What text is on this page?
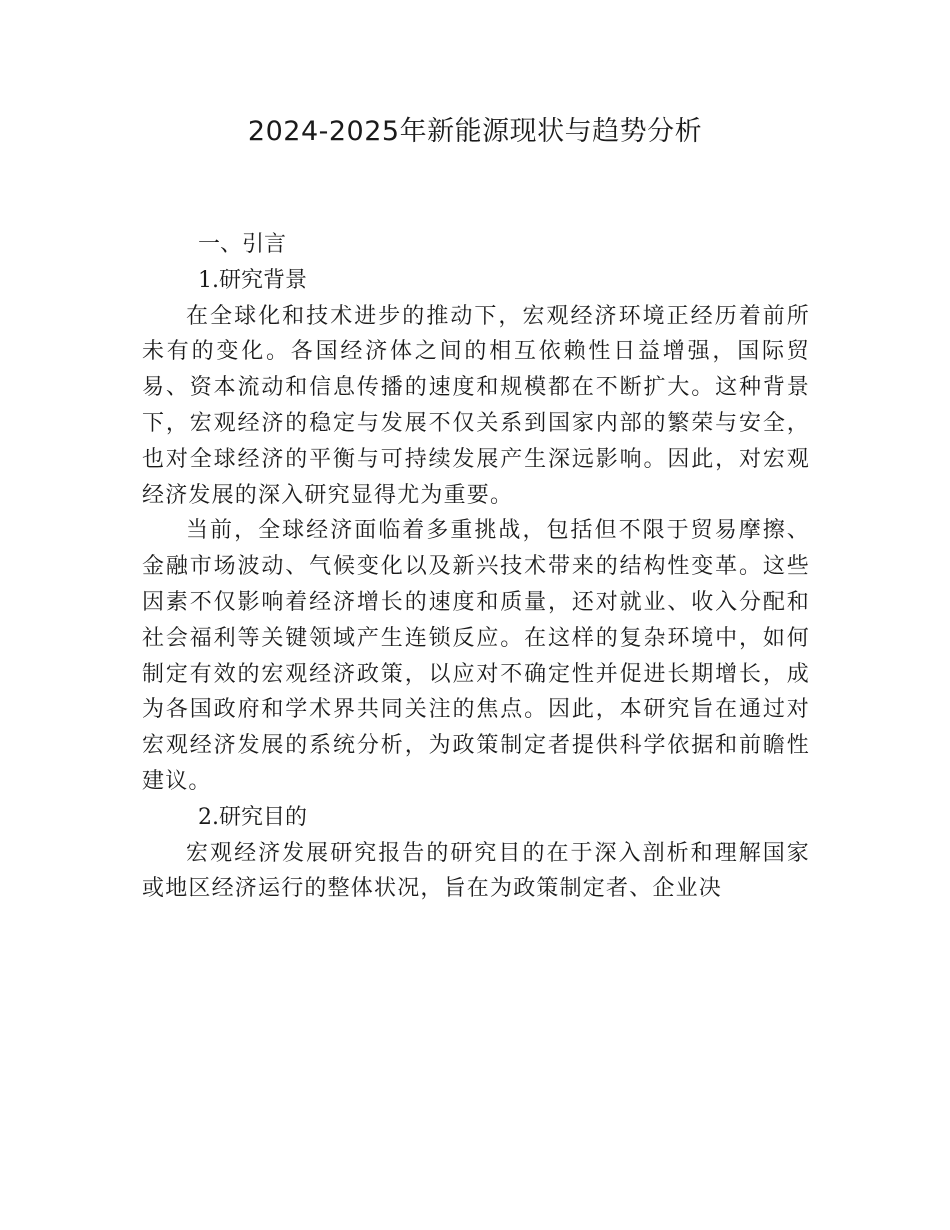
2024-2025年新能源现状与趋势分析

一、引言

1.研究背景

在全球化和技术进步的推动下，宏观经济环境正经历着前所未有的变化。各国经济体之间的相互依赖性日益增强，国际贸易、资本流动和信息传播的速度和规模都在不断扩大。这种背景下，宏观经济的稳定与发展不仅关系到国家内部的繁荣与安全，也对全球经济的平衡与可持续发展产生深远影响。因此，对宏观经济发展的深入研究显得尤为重要。

当前，全球经济面临着多重挑战，包括但不限于贸易摩擦、金融市场波动、气候变化以及新兴技术带来的结构性变革。这些因素不仅影响着经济增长的速度和质量，还对就业、收入分配和社会福利等关键领域产生连锁反应。在这样的复杂环境中，如何制定有效的宏观经济政策，以应对不确定性并促进长期增长，成为各国政府和学术界共同关注的焦点。因此，本研究旨在通过对宏观经济发展的系统分析，为政策制定者提供科学依据和前瞻性建议。

2.研究目的

宏观经济发展研究报告的研究目的在于深入剖析和理解国家或地区经济运行的整体状况，旨在为政策制定者、企业决
